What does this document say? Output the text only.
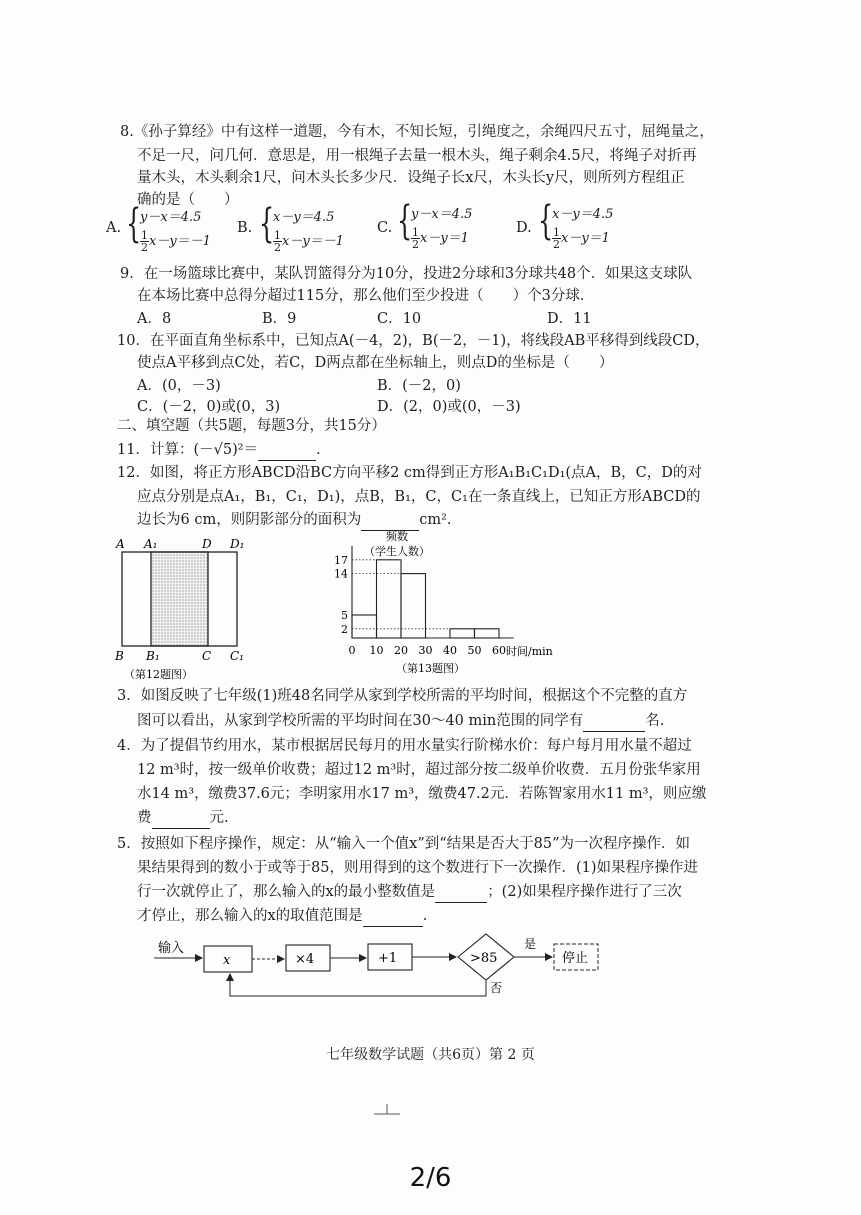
8.《孙子算经》中有这样一道题，今有木，不知长短，引绳度之，余绳四尺五寸，屈绳量之，
不足一尺，问几何．意思是，用一根绳子去量一根木头，绳子剩余4.5尺，将绳子对折再
量木头，木头剩余1尺，问木头长多少尺．设绳子长x尺，木头长y尺，则所列方程组正
确的是（　　）
A. {
y－x＝4.5
$\frac{1}{2} x-y=-1$
B. {
x－y＝4.5
$\frac{1}{2} x-y=-1$
C. {
y－x＝4.5
$\frac{1}{2} x-y=1$
D. {
x－y＝4.5
$\frac{1}{2} x-y=1$
9．在一场篮球比赛中，某队罚篮得分为10分，投进2分球和3分球共48个．如果这支球队
在本场比赛中总得分超过115分，那么他们至少投进（　　）个3分球．
A．8	B．9	C．10	D．11
10．在平面直角坐标系中，已知点A(－4，2)，B(－2，－1)，将线段AB平移得到线段CD，
使点A平移到点C处，若C，D两点都在坐标轴上，则点D的坐标是（　　）
A．(0，－3)	B．(－2，0)
C．(－2，0)或(0，3)	D．(2，0)或(0，－3)
二、填空题（共5题，每题3分，共15分）
11．计算：(－√5)²＝	.
12．如图，将正方形ABCD沿BC方向平移2 cm得到正方形A₁B₁C₁D₁(点A，B，C，D的对
应点分别是点A₁，B₁，C₁，D₁)，点B，B₁，C，C₁在一条直线上，已知正方形ABCD的
边长为6 cm，则阴影部分的面积为	cm².
A A₁	D D₁
B B₁	C C₁
（第12题图）
频数
（学生人数）
2
5
14
17
0 10 20 30 40 50 60 时间/min
（第13题图）
3．如图反映了七年级(1)班48名同学从家到学校所需的平均时间，根据这个不完整的直方
图可以看出，从家到学校所需的平均时间在30～40 min范围的同学有	名.
4．为了提倡节约用水，某市根据居民每月的用水量实行阶梯水价：每户每月用水量不超过
12 m³时，按一级单价收费；超过12 m³时，超过部分按二级单价收费．五月份张华家用
水14 m³，缴费37.6元；李明家用水17 m³，缴费47.2元．若陈智家用水11 m³，则应缴
费	元.
5．按照如下程序操作，规定：从“输入一个值x”到“结果是否大于85”为一次程序操作．如
果结果得到的数小于或等于85，则用得到的这个数进行下一次操作．(1)如果程序操作进
行一次就停止了，那么输入的x的最小整数值是	；(2)如果程序操作进行了三次
才停止，那么输入的x的取值范围是	.
输入
x	×4	+1	>85
是
停止
否
七年级数学试题（共6页）第 2 页
2/6
